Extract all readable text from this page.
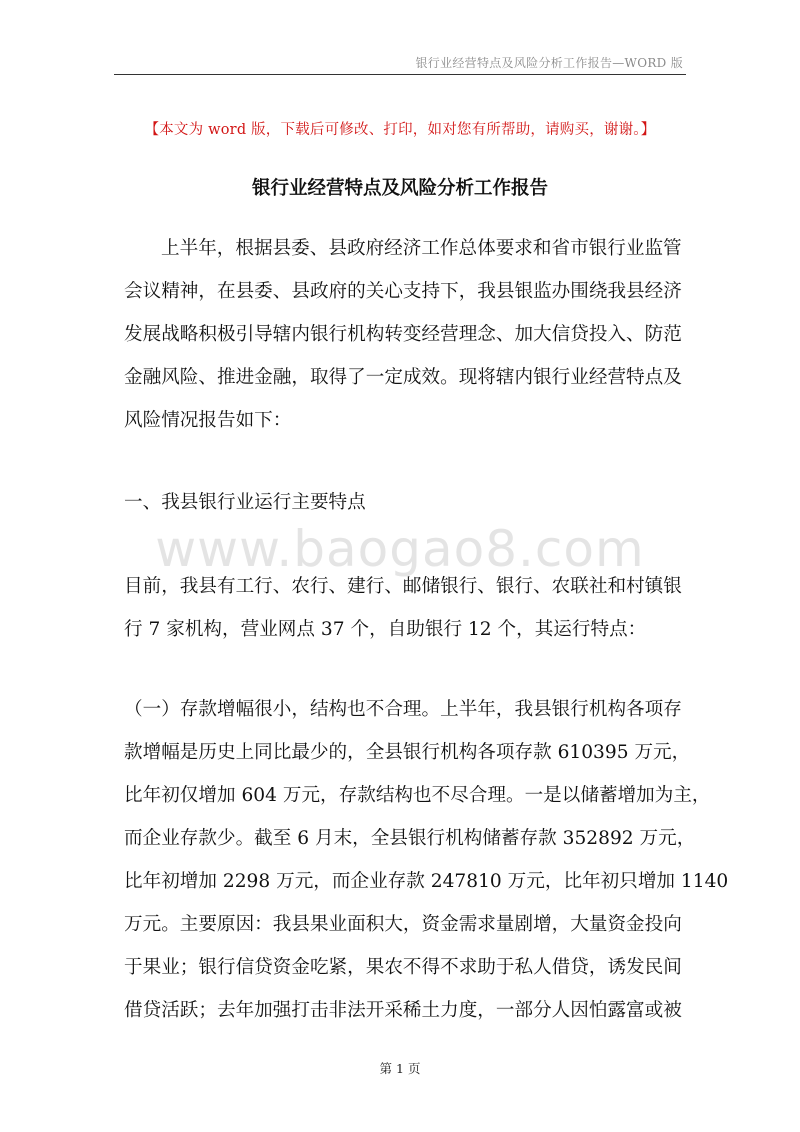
银行业经营特点及风险分析工作报告—WORD 版
【本文为 word 版，下载后可修改、打印，如对您有所帮助，请购买，谢谢。】
银行业经营特点及风险分析工作报告
上半年，根据县委、县政府经济工作总体要求和省市银行业监管
会议精神，在县委、县政府的关心支持下，我县银监办围绕我县经济
发展战略积极引导辖内银行机构转变经营理念、加大信贷投入、防范
金融风险、推进金融，取得了一定成效。现将辖内银行业经营特点及
风险情况报告如下：
一、我县银行业运行主要特点
www.baogao8.com
目前，我县有工行、农行、建行、邮储银行、银行、农联社和村镇银
行 7 家机构，营业网点 37 个，自助银行 12 个，其运行特点：
（一）存款增幅很小，结构也不合理。上半年，我县银行机构各项存
款增幅是历史上同比最少的，全县银行机构各项存款 610395 万元，
比年初仅增加 604 万元，存款结构也不尽合理。一是以储蓄增加为主，
而企业存款少。截至 6 月末，全县银行机构储蓄存款 352892 万元，
比年初增加 2298 万元，而企业存款 247810 万元，比年初只增加 1140
万元。主要原因：我县果业面积大，资金需求量剧增，大量资金投向
于果业；银行信贷资金吃紧，果农不得不求助于私人借贷，诱发民间
借贷活跃；去年加强打击非法开采稀土力度，一部分人因怕露富或被
第 1 页
